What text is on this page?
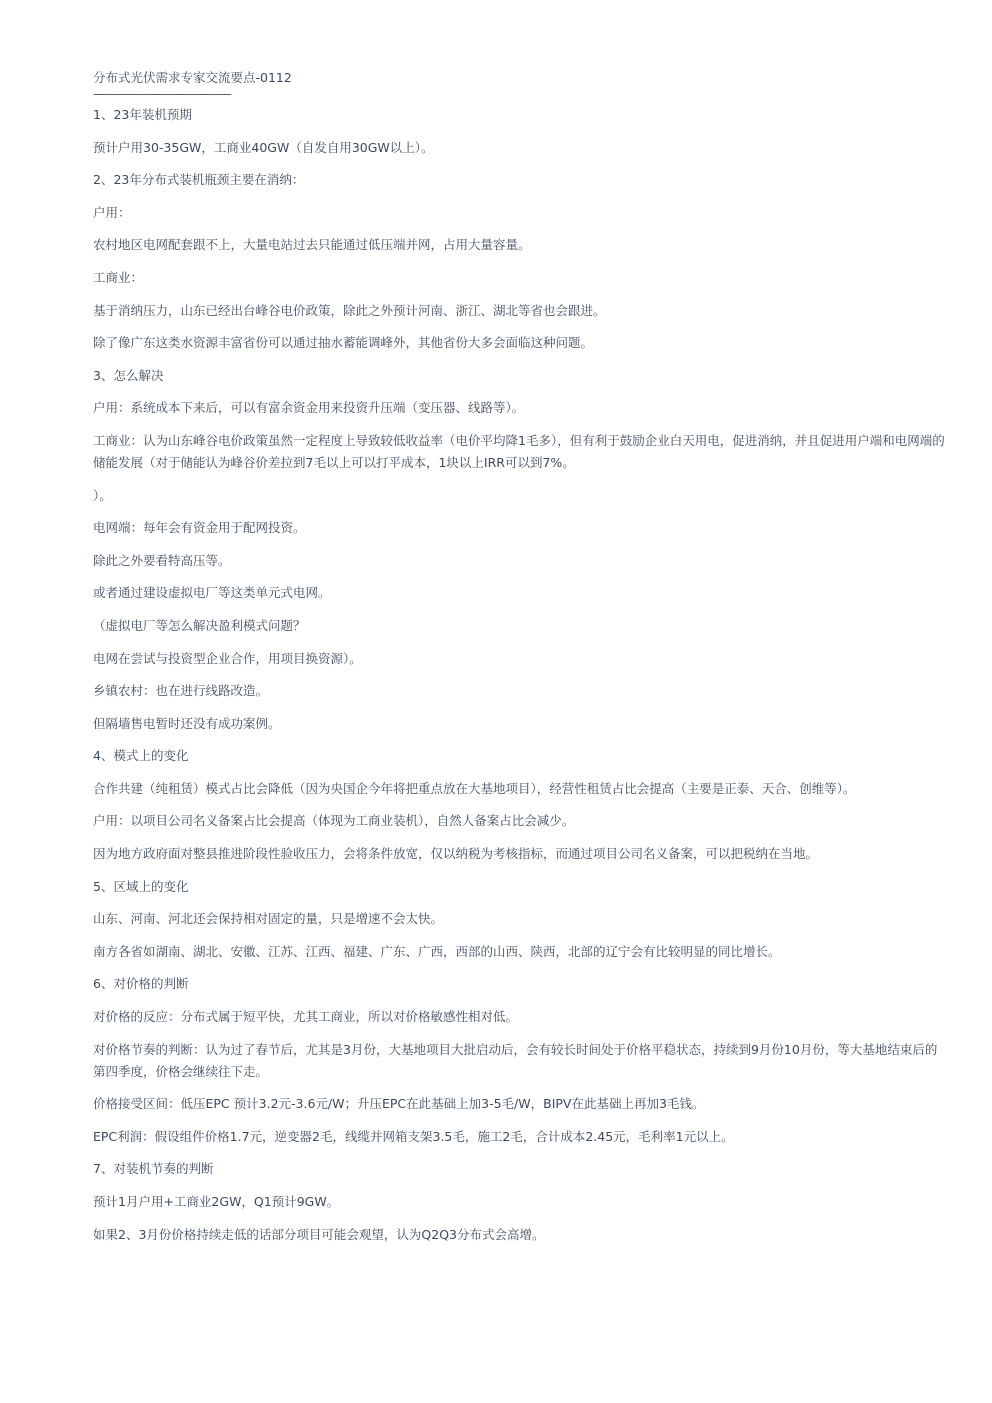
分布式光伏需求专家交流要点-0112
————————————

1、23年装机预期

预计户用30-35GW，工商业40GW（自发自用30GW以上）。

2、23年分布式装机瓶颈主要在消纳：

户用：

农村地区电网配套跟不上，大量电站过去只能通过低压端并网，占用大量容量。

工商业：

基于消纳压力，山东已经出台峰谷电价政策，除此之外预计河南、浙江、湖北等省也会跟进。

除了像广东这类水资源丰富省份可以通过抽水蓄能调峰外，其他省份大多会面临这种问题。

3、怎么解决

户用：系统成本下来后，可以有富余资金用来投资升压端（变压器、线路等）。

工商业：认为山东峰谷电价政策虽然一定程度上导致较低收益率（电价平均降1毛多），但有利于鼓励企业白天用电，促进消纳，并且促进用户端和电网端的储能发展（对于储能认为峰谷价差拉到7毛以上可以打平成本，1块以上IRR可以到7%。

）。

电网端：每年会有资金用于配网投资。

除此之外要看特高压等。

或者通过建设虚拟电厂等这类单元式电网。

（虚拟电厂等怎么解决盈利模式问题？

电网在尝试与投资型企业合作，用项目换资源）。

乡镇农村：也在进行线路改造。

但隔墙售电暂时还没有成功案例。

4、模式上的变化

合作共建（纯租赁）模式占比会降低（因为央国企今年将把重点放在大基地项目），经营性租赁占比会提高（主要是正泰、天合、创维等）。

户用：以项目公司名义备案占比会提高（体现为工商业装机），自然人备案占比会减少。

因为地方政府面对整县推进阶段性验收压力，会将条件放宽，仅以纳税为考核指标，而通过项目公司名义备案，可以把税纳在当地。

5、区域上的变化

山东、河南、河北还会保持相对固定的量，只是增速不会太快。

南方各省如湖南、湖北、安徽、江苏、江西、福建、广东、广西，西部的山西、陕西，北部的辽宁会有比较明显的同比增长。

6、对价格的判断

对价格的反应：分布式属于短平快，尤其工商业，所以对价格敏感性相对低。

对价格节奏的判断：认为过了春节后，尤其是3月份，大基地项目大批启动后，会有较长时间处于价格平稳状态，持续到9月份10月份，等大基地结束后的第四季度，价格会继续往下走。

价格接受区间：低压EPC 预计3.2元-3.6元/W；升压EPC在此基础上加3-5毛/W，BIPV在此基础上再加3毛钱。

EPC利润：假设组件价格1.7元，逆变器2毛，线缆并网箱支架3.5毛，施工2毛，合计成本2.45元，毛利率1元以上。

7、对装机节奏的判断

预计1月户用+工商业2GW，Q1预计9GW。

如果2、3月份价格持续走低的话部分项目可能会观望，认为Q2Q3分布式会高增。
